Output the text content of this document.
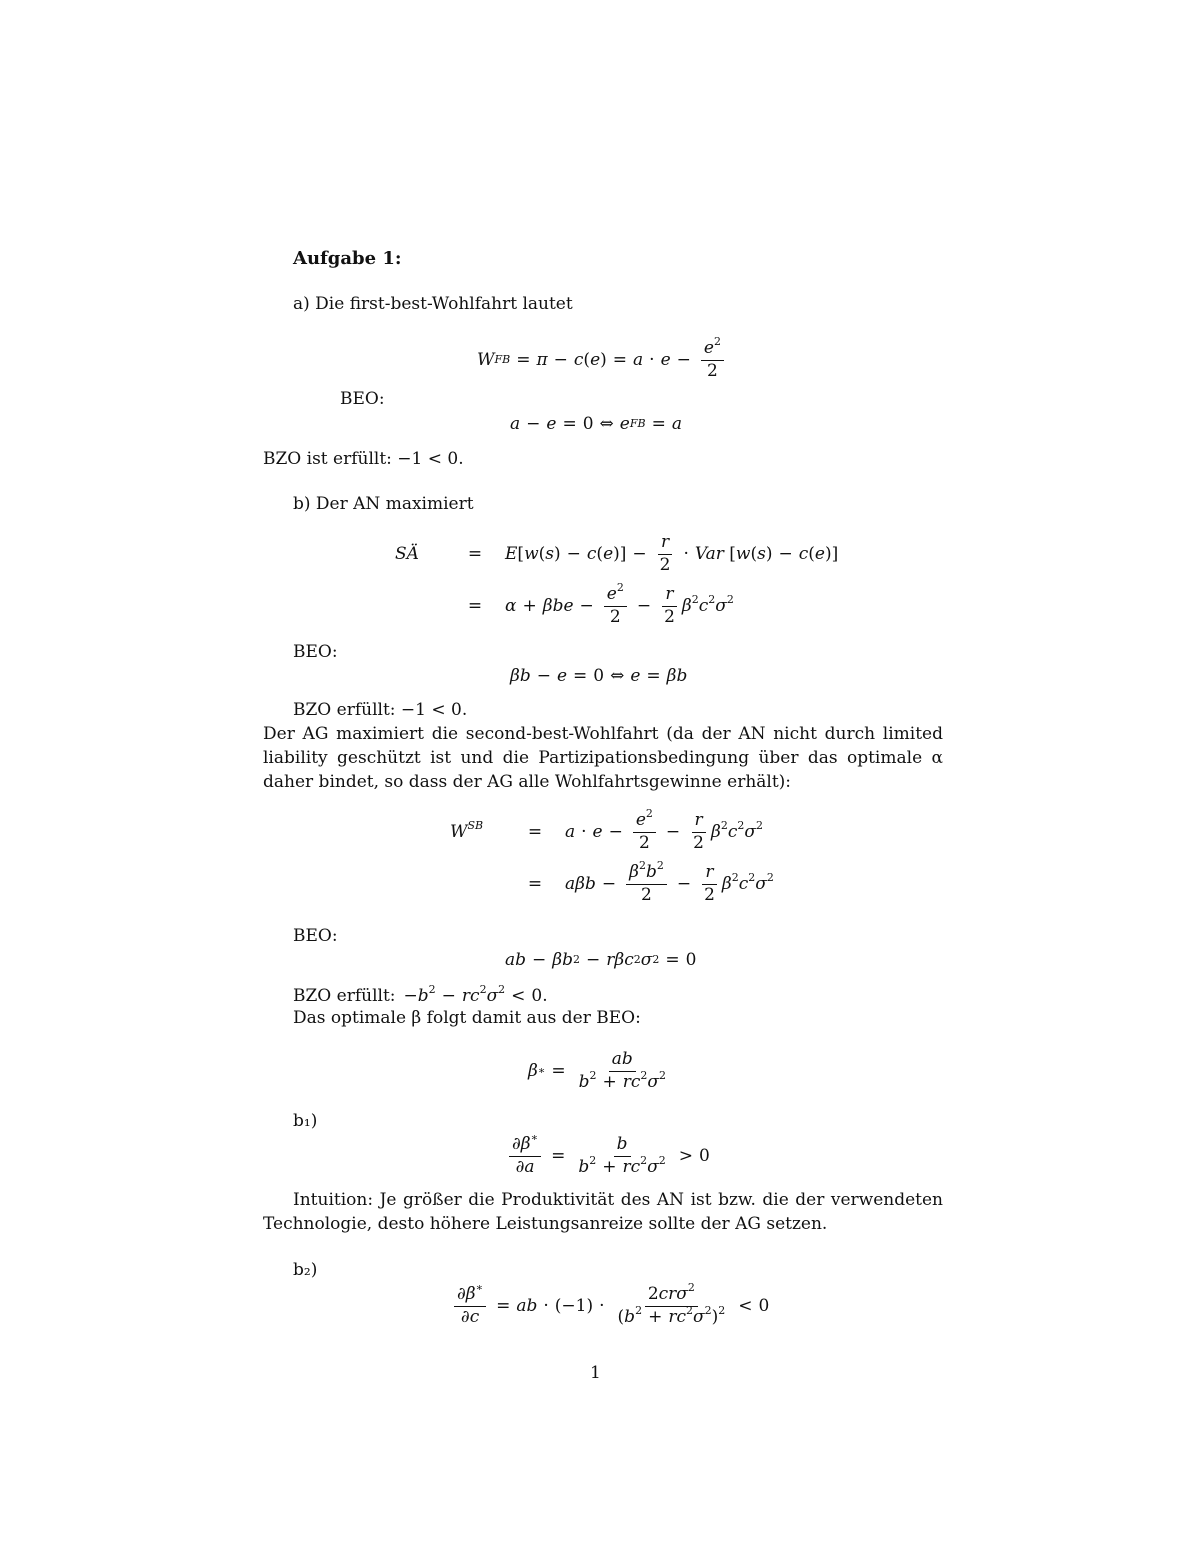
Aufgabe 1:
a) Die first-best-Wohlfahrt lautet
W FB = π − c ( e ) = $a \cdot e - \frac{e^2}{2}$
BEO:
a − e = 0 ⇔ e FB = a
BZO ist erfüllt: −1 < 0.
b) Der AN maximiert
SÄ	=	$E[w(s) - c(e)] - \frac{r}{2}$ · Var [w(s) − c(e)]
=	$\alpha + \beta be - \frac{e^2}{2} - \frac{r}{2} \beta^2c^2\sigma^2$
BEO:
βb − e = 0 ⇔ e = βb
BZO erfüllt: −1 < 0.
Der AG maximiert die second-best-Wohlfahrt (da der AN nicht durch limited liability geschützt ist und die Partizipationsbedingung über das optimale α daher bindet, so dass der AG alle Wohlfahrtsgewinne erhält):
$W^{SB}$	=	$a \cdot e - \frac{e^2}{2} - \frac{r}{2} \beta^2c^2\sigma^2$
=	$a\beta b - \frac{\beta^2b^2}{2} - \frac{r}{2} \beta^2c^2\sigma^2$
BEO:
ab − βb 2 − rβc 2 σ 2 = 0
BZO erfüllt: $-b^2 - rc^2\sigma^2 < 0$.
Das optimale β folgt damit aus der BEO:
β ∗ = $\frac{ab}{b^2 + rc^2\sigma^2}$
b₁)
$\frac{\partial\beta^∗}{\partial a} = \frac{b}{b^2 + rc^2\sigma^2} > 0$
Intuition: Je größer die Produktivität des AN ist bzw. die der verwendeten Technologie, desto höhere Leistungsanreize sollte der AG setzen.
b₂)
$\frac{\partial\beta^∗}{\partial c}$ = ab · $(-1) \cdot \frac{2cr\sigma^2}{(b^2 + rc^2\sigma^2)^2} < 0$
1
